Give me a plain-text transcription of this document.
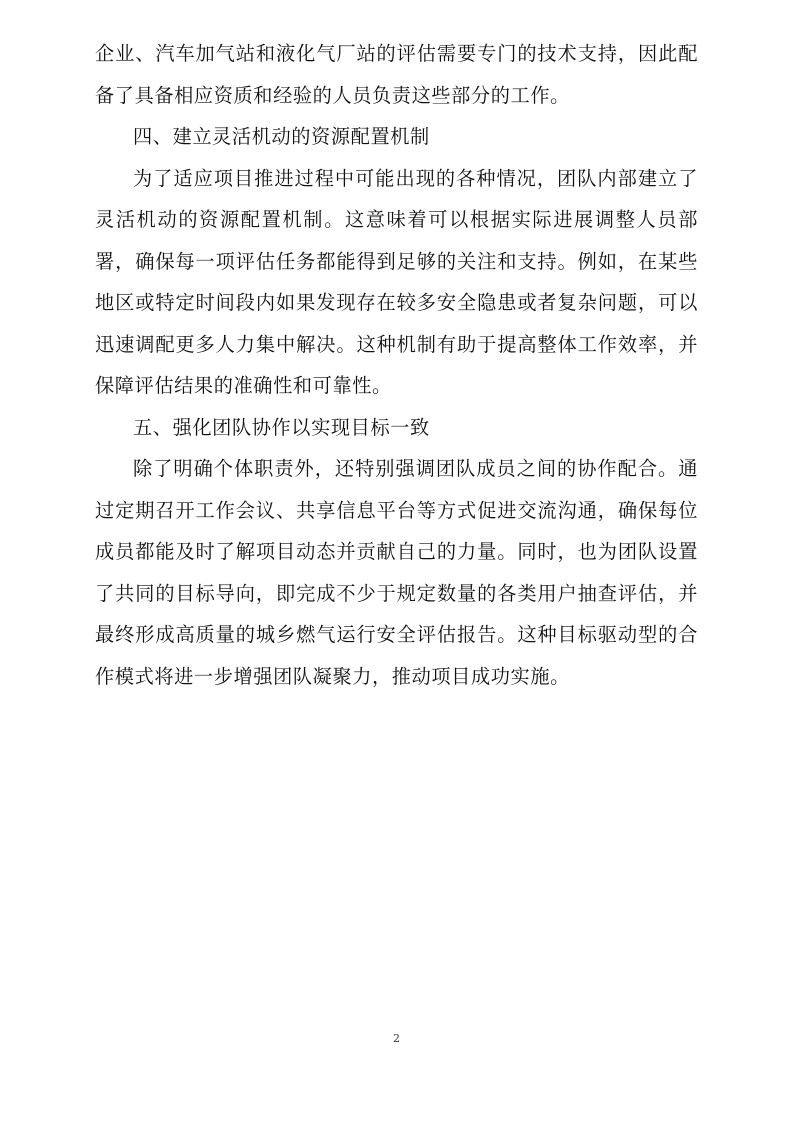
企业、汽车加气站和液化气厂站的评估需要专门的技术支持，因此配备了具备相应资质和经验的人员负责这些部分的工作。

四、建立灵活机动的资源配置机制

为了适应项目推进过程中可能出现的各种情况，团队内部建立了灵活机动的资源配置机制。这意味着可以根据实际进展调整人员部署，确保每一项评估任务都能得到足够的关注和支持。例如，在某些地区或特定时间段内如果发现存在较多安全隐患或者复杂问题，可以迅速调配更多人力集中解决。这种机制有助于提高整体工作效率，并保障评估结果的准确性和可靠性。

五、强化团队协作以实现目标一致

除了明确个体职责外，还特别强调团队成员之间的协作配合。通过定期召开工作会议、共享信息平台等方式促进交流沟通，确保每位成员都能及时了解项目动态并贡献自己的力量。同时，也为团队设置了共同的目标导向，即完成不少于规定数量的各类用户抽查评估，并最终形成高质量的城乡燃气运行安全评估报告。这种目标驱动型的合作模式将进一步增强团队凝聚力，推动项目成功实施。

2
